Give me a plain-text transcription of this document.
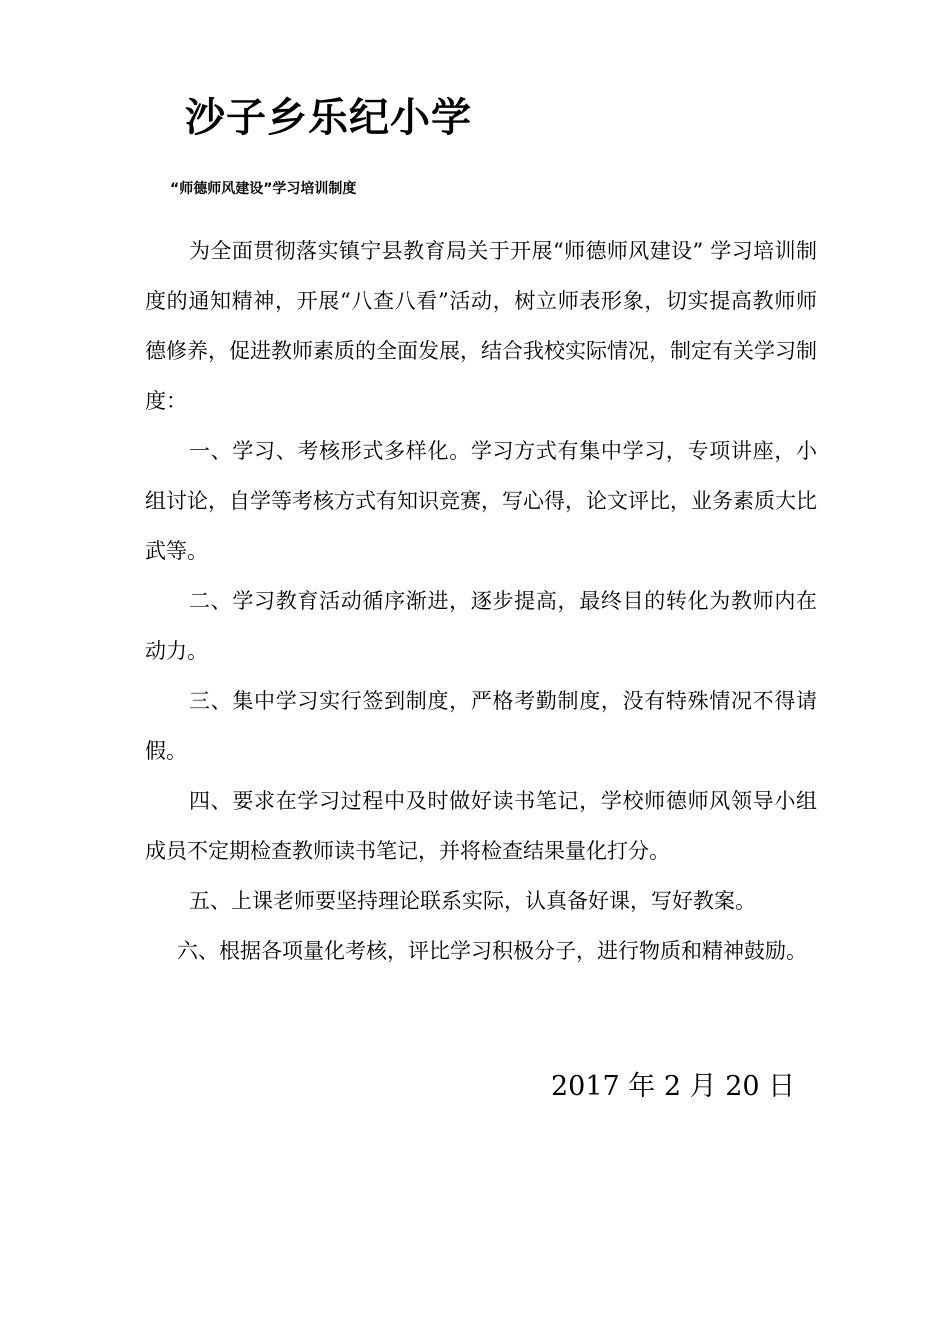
沙子乡乐纪小学
“师德师风建设”学习培训制度

为全面贯彻落实镇宁县教育局关于开展“师德师风建设” 学习培训制度的通知精神，开展“八查八看”活动，树立师表形象，切实提高教师师德修养，促进教师素质的全面发展，结合我校实际情况，制定有关学习制度：

一、学习、考核形式多样化。学习方式有集中学习，专项讲座，小组讨论，自学等考核方式有知识竞赛，写心得，论文评比，业务素质大比武等。

二、学习教育活动循序渐进，逐步提高，最终目的转化为教师内在动力。

三、集中学习实行签到制度，严格考勤制度，没有特殊情况不得请假。

四、要求在学习过程中及时做好读书笔记，学校师德师风领导小组成员不定期检查教师读书笔记，并将检查结果量化打分。

五、上课老师要坚持理论联系实际，认真备好课，写好教案。

六、根据各项量化考核，评比学习积极分子，进行物质和精神鼓励。

2017 年 2 月 20 日
